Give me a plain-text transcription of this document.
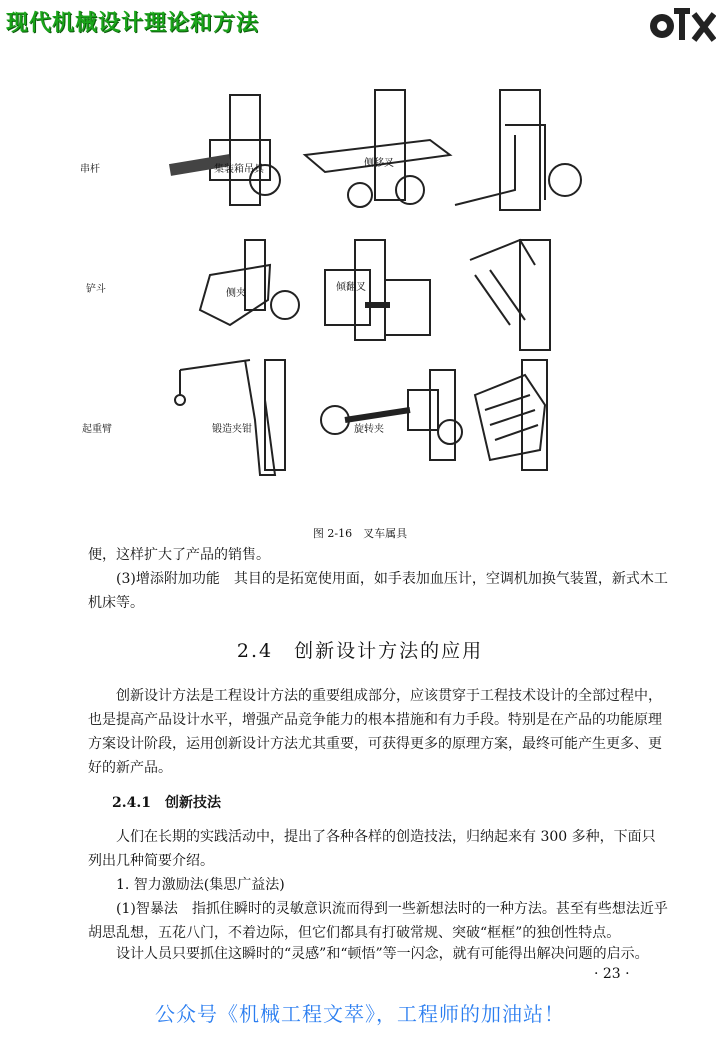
现代机械设计理论和方法
串杆	集装箱吊具
侧移叉
铲斗	侧夹
倾翻叉
起重臂	锻造夹钳	旋转夹
图 2-16　叉车属具

便，这样扩大了产品的销售。

(3)增添附加功能　其目的是拓宽使用面，如手表加血压计，空调机加换气装置，新式木工机床等。

2.4　创新设计方法的应用

创新设计方法是工程设计方法的重要组成部分，应该贯穿于工程技术设计的全部过程中，也是提高产品设计水平，增强产品竞争能力的根本措施和有力手段。特别是在产品的功能原理方案设计阶段，运用创新设计方法尤其重要，可获得更多的原理方案，最终可能产生更多、更好的新产品。

2.4.1　创新技法

人们在长期的实践活动中，提出了各种各样的创造技法，归纳起来有 300 多种，下面只列出几种简要介绍。

1. 智力激励法(集思广益法)

(1)智暴法　指抓住瞬时的灵敏意识流而得到一些新想法时的一种方法。甚至有些想法近乎胡思乱想，五花八门，不着边际，但它们都具有打破常规、突破“框框”的独创性特点。

设计人员只要抓住这瞬时的“灵感”和“顿悟”等一闪念，就有可能得出解决问题的启示。

· 23 ·
公众号《机械工程文萃》，工程师的加油站！
